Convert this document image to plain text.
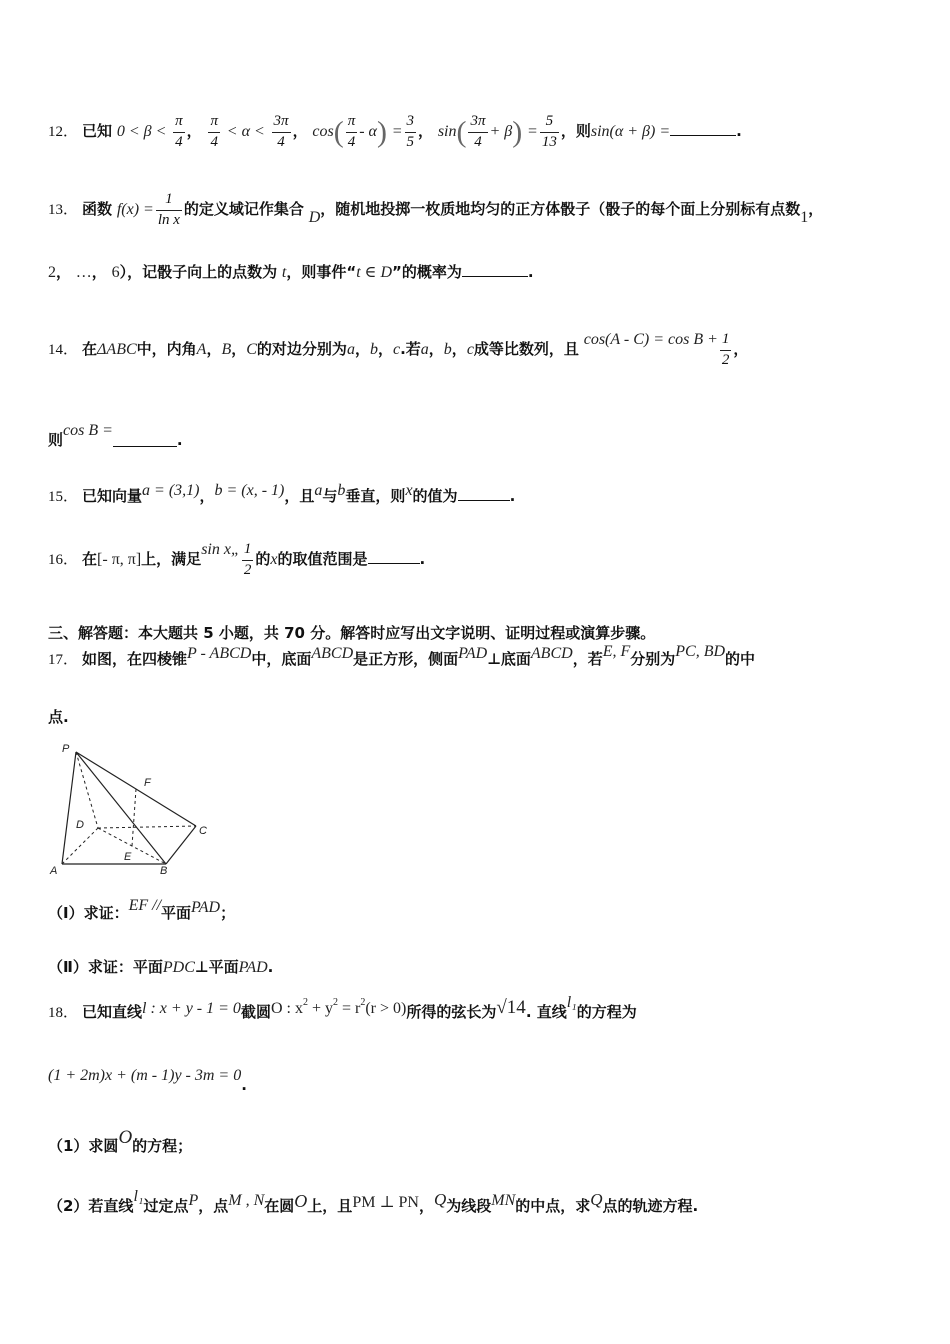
12． 已知 $0 < \beta < \frac{\pi}{4}$ ， $\frac{\pi}{4} < \alpha < \frac{3\pi}{4}$ ， $\cos( \frac{\pi}{4} - \alpha) = \frac{3}{5}$ ， $\sin( \frac{3\pi}{4} + \beta) = \frac{5}{13}$ ，则sin(α + β) =	.
13． 函数 $f(x) = \frac{1}{\text{ln x}}$ 的定义域记作集合 D，随机地投掷一枚质地均匀的正方体骰子（骰子的每个面上分别标有点数1，
2， …， 6），记骰子向上的点数为 t，则事件“t ∈ D”的概率为	.
14． 在ΔABC中，内角A，B，C的对边分别为a，b，c.若a，b，c成等比数列，且 $\cos(A - C) = \cos B + \frac{1}{2}$ ，
则cos B =.
15． 已知向量a = (3,1)，b = (x, - 1)，且a与b垂直，则x的值为	.
16． 在[- π, π]上，满足sin x„ $\frac{1}{2}$ 的x的取值范围是	.
三、解答题：本大题共 5 小题，共 70 分。解答时应写出文字说明、证明过程或演算步骤。
17． 如图，在四棱锥P - ABCD中，底面ABCD是正方形，侧面PAD⊥底面ABCD，若E, F分别为PC, BD的中
点.
P
F
D	C
E
A	B
（Ⅰ）求证：EF //平面PAD；
（Ⅱ）求证：平面PDC⊥平面PAD.
18． 已知直线l : x + y - 1 = 0截圆O : $x^2 + y^2 = r^2(r > 0)$所得的弦长为√14. 直线l₁的方程为
(1 + 2m)x + (m - 1)y - 3m = 0.
（1）求圆O的方程；
（2）若直线l₁过定点P，点M , N在圆O上，且PM ⊥ PN，Q为线段MN的中点，求Q点的轨迹方程.
